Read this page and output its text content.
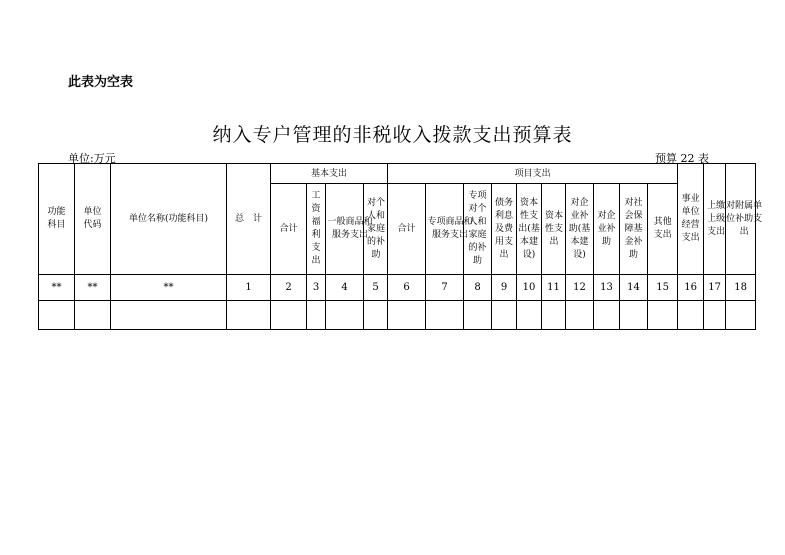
此表为空表
纳入专户管理的非税收入拨款支出预算表
单位:万元	预算 22 表
功能科目	单位代码	单位名称(功能科目)	总　计	基本支出				项目支出										事业单位经营支出	上缴上级支出	对附属单位补助支出
				合计	工资福利支出	一般商品和服务支出	对个人和家庭的补助	合计	专项商品和服务支出	专项对个人和家庭的补助	债务利息及费用支出	资本性支出(基本建设)	资本性支出	对企业补助(基本建设)	对企业补助	对社会保障基金补助	其他支出			
**	**	**	1	2	3	4	5	6	7	8	9	10	11	12	13	14	15	16	17	18
